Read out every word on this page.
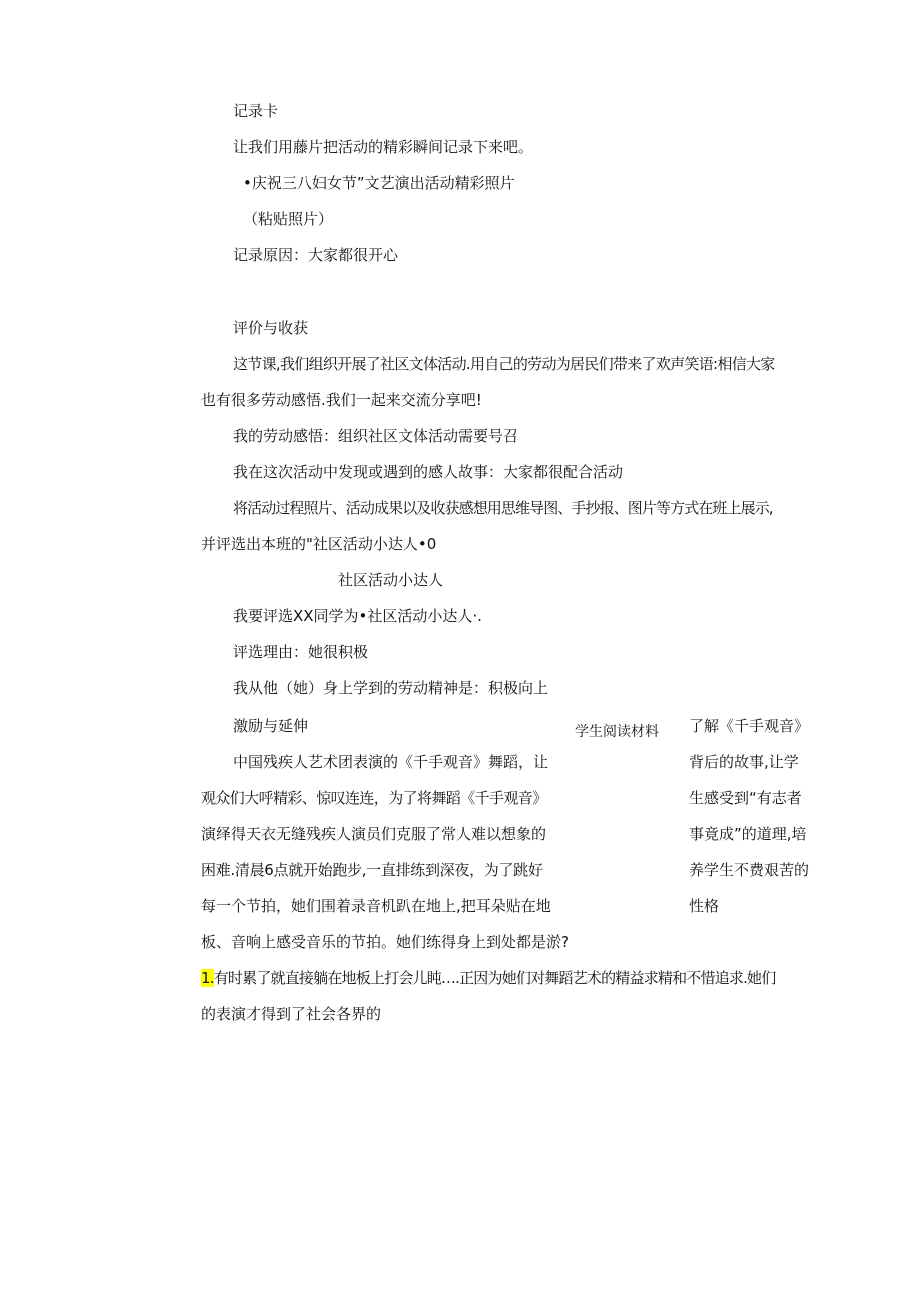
记录卡
让我们用藤片把活动的精彩瞬间记录下来吧。
•庆祝三八妇女节”文艺演出活动精彩照片
（粘贴照片）
记录原因：大家都很开心
评价与收获
这节课,我们组织开展了社区文体活动.用自己的劳动为居民们带来了欢声笑语:相信大家
也有很多劳动感悟.我们一起来交流分享吧!
我的劳动感悟：组织社区文体活动需要号召
我在这次活动中发现或遇到的感人故事：大家都很配合活动
将活动过程照片、活动成果以及收获感想用思维导图、手抄报、图片等方式在班上展示,
并评选出本班的"社区活动小达人•0
社区活动小达人
我要评选XX同学为•社区活动小达人·.
评选理由：她很积极
我从他（她）身上学到的劳动精神是：积极向上
激励与延伸	学生阅读材料 了解《千手观音》
背后的故事,让学
生感受到“有志者
事竟成”的道理,培
养学生不费艰苦的
性格
中国残疾人艺术团表演的《千手观音》舞蹈，让
观众们大呼精彩、惊叹连连，为了将舞蹈《千手观音》
演绎得天衣无缝残疾人演员们克服了常人难以想象的
困难.清晨6点就开始跑步,一直排练到深夜，为了跳好
每一个节拍，她们围着录音机趴在地上,把耳朵贴在地
板、音响上感受音乐的节拍。她们练得身上到处都是淤?
1.有时累了就直接躺在地板上打会儿盹….正因为她们对舞蹈艺术的精益求精和不惜追求.她们
的表演才得到了社会各界的
